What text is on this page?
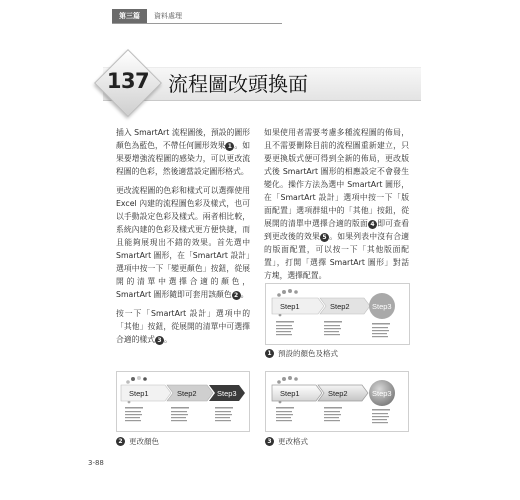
第三篇	資料處理
137 流程圖改頭換面

插入 SmartArt 流程圖後，預設的圖形顏色為藍色，不帶任何圖形效果 1 。如果要增強流程圖的感染力，可以更改流程圖的色彩，然後適當設定圖形格式。

更改流程圖的色彩和樣式可以選擇使用 Excel 內建的流程圖色彩及樣式，也可以手動設定色彩及樣式。兩者相比較，系統內建的色彩及樣式更方便快捷，而且能夠展現出不錯的效果。首先選中 SmartArt 圖形，在「SmartArt 設計」選項中按一下「變更顏色」按鈕，從展開的清單中選擇合適的顏色，SmartArt 圖形隨即可套用該顏色 2 。

按一下「SmartArt 設計」選項中的「其他」按鈕，從展開的清單中可選擇合適的樣式 3 。

如果使用者需要考慮多種流程圖的佈局，且不需要刪除目前的流程圖重新建立，只要更換版式便可得到全新的佈局，更改版式後 SmartArt 圖形的相應設定不會發生變化。操作方法為選中 SmartArt 圖形，在「SmartArt 設計」選項中按一下「版面配置」選項群組中的「其他」按鈕，從展開的清單中選擇合適的版面 4 即可查看到更改後的效果 5 。如果列表中沒有合適的版面配置，可以按一下「其他版面配置」，打開「選擇 SmartArt 圖形」對話方塊，選擇配置。

Step1	Step2	Step3
1 預設的顏色及格式
Step1	Step2	Step3
2 更改顏色
Step1	Step2	Step3
3 更改格式
3-88
